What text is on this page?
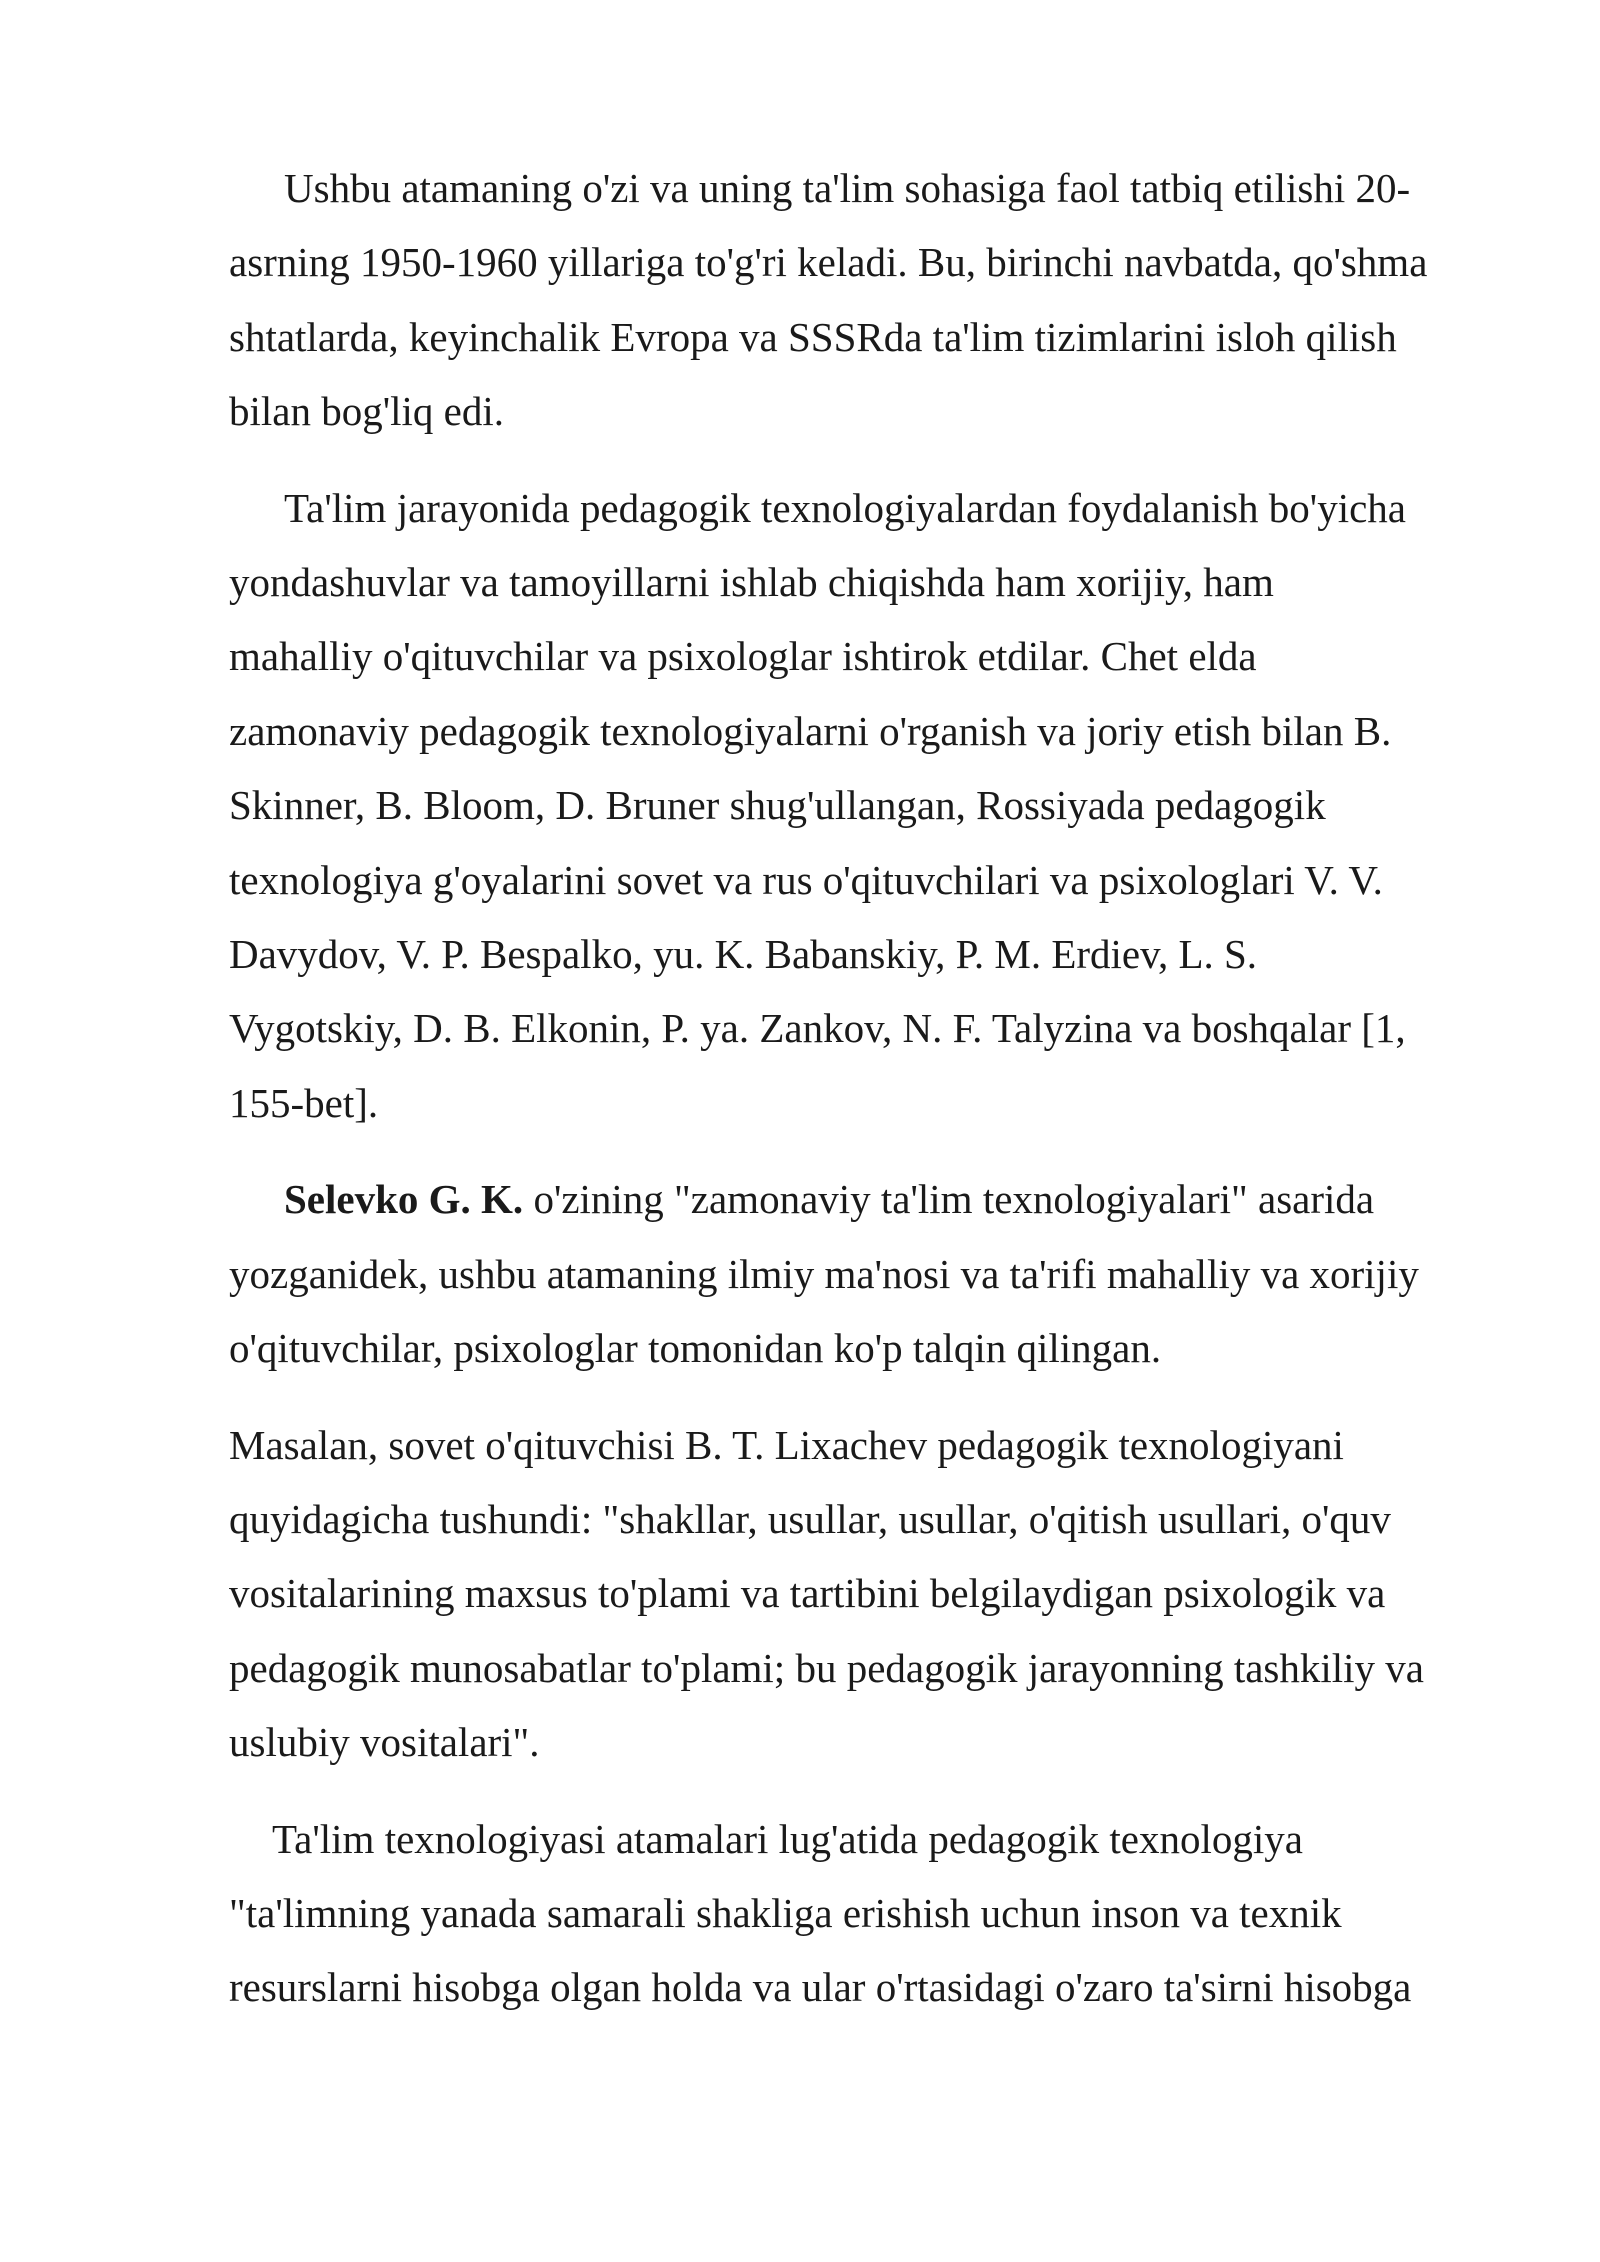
Ushbu atamaning o'zi va uning ta'lim sohasiga faol tatbiq etilishi 20-
asrning 1950-1960 yillariga to'g'ri keladi. Bu, birinchi navbatda, qo'shma
shtatlarda, keyinchalik Evropa va SSSRda ta'lim tizimlarini isloh qilish
bilan bog'liq edi.

Ta'lim jarayonida pedagogik texnologiyalardan foydalanish bo'yicha
yondashuvlar va tamoyillarni ishlab chiqishda ham xorijiy, ham
mahalliy o'qituvchilar va psixologlar ishtirok etdilar. Chet elda
zamonaviy pedagogik texnologiyalarni o'rganish va joriy etish bilan B.
Skinner, B. Bloom, D. Bruner shug'ullangan, Rossiyada pedagogik
texnologiya g'oyalarini sovet va rus o'qituvchilari va psixologlari V. V.
Davydov, V. P. Bespalko, yu. K. Babanskiy, P. M. Erdiev, L. S.
Vygotskiy, D. B. Elkonin, P. ya. Zankov, N. F. Talyzina va boshqalar [1,
155-bet].

Selevko G. K. o'zining "zamonaviy ta'lim texnologiyalari" asarida
yozganidek, ushbu atamaning ilmiy ma'nosi va ta'rifi mahalliy va xorijiy
o'qituvchilar, psixologlar tomonidan ko'p talqin qilingan.

Masalan, sovet o'qituvchisi B. T. Lixachev pedagogik texnologiyani
quyidagicha tushundi: "shakllar, usullar, usullar, o'qitish usullari, o'quv
vositalarining maxsus to'plami va tartibini belgilaydigan psixologik va
pedagogik munosabatlar to'plami; bu pedagogik jarayonning tashkiliy va
uslubiy vositalari".

Ta'lim texnologiyasi atamalari lug'atida pedagogik texnologiya
"ta'limning yanada samarali shakliga erishish uchun inson va texnik
resurslarni hisobga olgan holda va ular o'rtasidagi o'zaro ta'sirni hisobga
